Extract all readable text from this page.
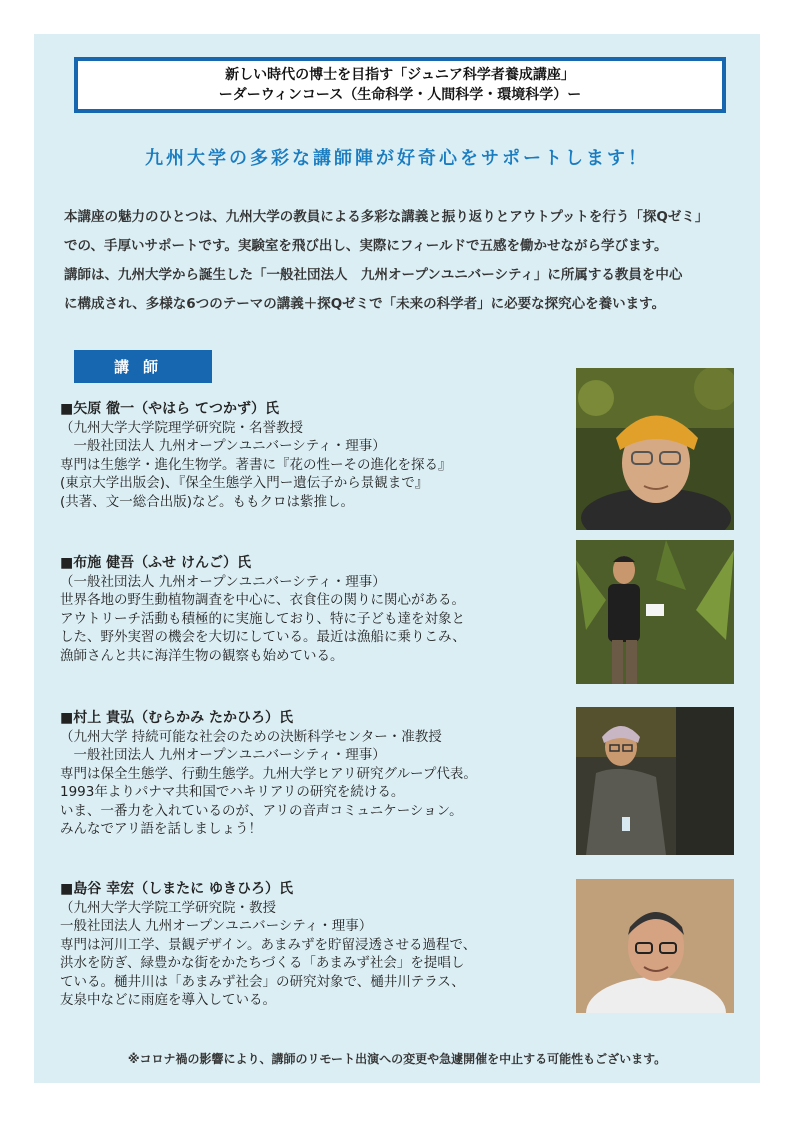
新しい時代の博士を目指す「ジュニア科学者養成講座」
ーダーウィンコース（生命科学・人間科学・環境科学）ー
九州大学の多彩な講師陣が好奇心をサポートします！

本講座の魅力のひとつは、九州大学の教員による多彩な講義と振り返りとアウトプットを行う「探Qゼミ」

での、手厚いサポートです。実験室を飛び出し、実際にフィールドで五感を働かせながら学びます。

講師は、九州大学から誕生した「一般社団法人　九州オープンユニバーシティ」に所属する教員を中心

に構成され、多様な6つのテーマの講義＋探Qゼミで「未来の科学者」に必要な探究心を養います。

講師
■矢原 徹一（やはら てつかず）氏
（九州大学大学院理学研究院・名誉教授
　一般社団法人 九州オープンユニバーシティ・理事）
専門は生態学・進化生物学。著書に『花の性ーその進化を探る』
(東京大学出版会)、『保全生態学入門ー遺伝子から景観まで』
(共著、文一総合出版)など。ももクロは紫推し。
■布施 健吾（ふせ けんご）氏
（一般社団法人 九州オープンユニバーシティ・理事）
世界各地の野生動植物調査を中心に、衣食住の関りに関心がある。
アウトリーチ活動も積極的に実施しており、特に子ども達を対象と
した、野外実習の機会を大切にしている。最近は漁船に乗りこみ、
漁師さんと共に海洋生物の観察も始めている。
■村上 貴弘（むらかみ たかひろ）氏
（九州大学 持続可能な社会のための決断科学センター・准教授
　一般社団法人 九州オープンユニバーシティ・理事）
専門は保全生態学、行動生態学。九州大学ヒアリ研究グループ代表。
1993年よりパナマ共和国でハキリアリの研究を続ける。
いま、一番力を入れているのが、アリの音声コミュニケーション。
みんなでアリ語を話しましょう！
■島谷 幸宏（しまたに ゆきひろ）氏
（九州大学大学院工学研究院・教授
一般社団法人 九州オープンユニバーシティ・理事）
専門は河川工学、景観デザイン。あまみずを貯留浸透させる過程で、
洪水を防ぎ、緑豊かな街をかたちづくる「あまみず社会」を提唱し
ている。樋井川は「あまみず社会」の研究対象で、樋井川テラス、
友泉中などに雨庭を導入している。
※コロナ禍の影響により、講師のリモート出演への変更や急遽開催を中止する可能性もございます。
